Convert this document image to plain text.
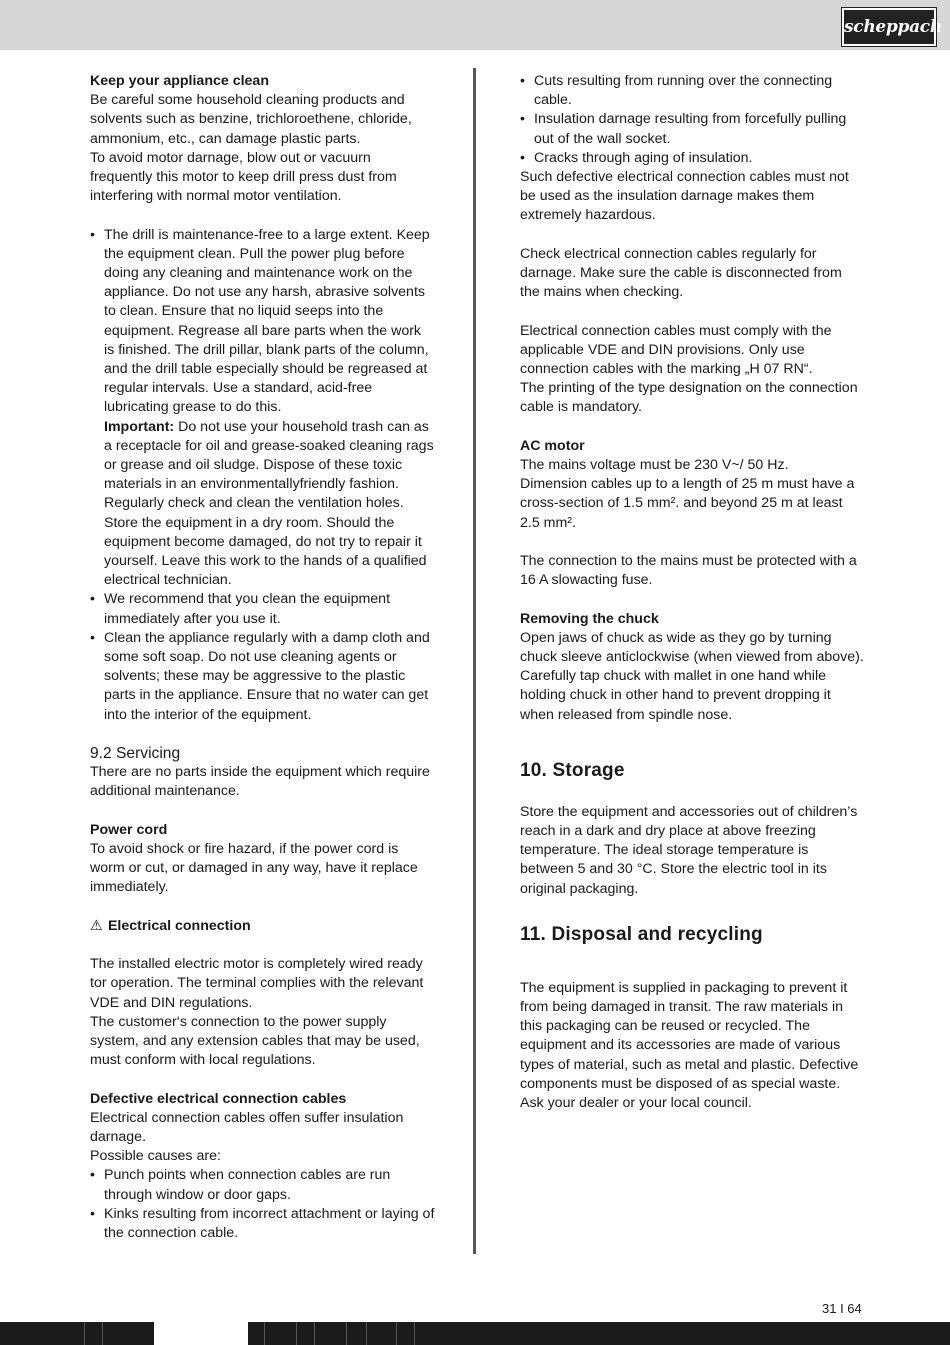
scheppach

Keep your appliance clean

Be careful some household cleaning products and solvents such as benzine, trichloroethene, chloride, ammonium, etc., can damage plastic parts.

To avoid motor darnage, blow out or vacuurn frequently this motor to keep drill press dust from interfering with normal motor ventilation.

• The drill is maintenance-free to a large extent. Keep the equipment clean. Pull the power plug before doing any cleaning and maintenance work on the appliance. Do not use any harsh, abrasive solvents to clean. Ensure that no liquid seeps into the equipment. Regrease all bare parts when the work is finished. The drill pillar, blank parts of the column, and the drill table especially should be regreased at regular intervals. Use a standard, acid-free lubricating grease to do this.
Important: Do not use your household trash can as a receptacle for oil and grease-soaked cleaning rags or grease and oil sludge. Dispose of these toxic materials in an environmentallyfriendly fashion. Regularly check and clean the ventilation holes. Store the equipment in a dry room. Should the equipment become damaged, do not try to repair it yourself. Leave this work to the hands of a qualified electrical technician.
• We recommend that you clean the equipment immediately after you use it.
• Clean the appliance regularly with a damp cloth and some soft soap. Do not use cleaning agents or solvents; these may be aggressive to the plastic parts in the appliance. Ensure that no water can get into the interior of the equipment.

9.2 Servicing

There are no parts inside the equipment which require additional maintenance.

Power cord

To avoid shock or fire hazard, if the power cord is worm or cut, or damaged in any way, have it replace immediately.

⚠ Electrical connection

The installed electric motor is completely wired ready tor operation. The terminal complies with the relevant VDE and DIN regulations.

The customer‘s connection to the power supply system, and any extension cables that may be used, must conform with local regulations.

Defective electrical connection cables

Electrical connection cables offen suffer insulation darnage.

Possible causes are:

• Punch points when connection cables are run through window or door gaps.
• Kinks resulting from incorrect attachment or laying of the connection cable.
• Cuts resulting from running over the connecting cable.
• Insulation darnage resulting from forcefully pulling out of the wall socket.
• Cracks through aging of insulation.

Such defective electrical connection cables must not be used as the insulation darnage makes them extremely hazardous.

Check electrical connection cables regularly for darnage. Make sure the cable is disconnected from the mains when checking.

Electrical connection cables must comply with the applicable VDE and DIN provisions. Only use connection cables with the marking „H 07 RN“.

The printing of the type designation on the connection cable is mandatory.

AC motor

The mains voltage must be 230 V~/ 50 Hz.

Dimension cables up to a length of 25 m must have a cross-section of 1.5 mm². and beyond 25 m at least 2.5 mm².

The connection to the mains must be protected with a 16 A slowacting fuse.

Removing the chuck

Open jaws of chuck as wide as they go by turning chuck sleeve anticlockwise (when viewed from above). Carefully tap chuck with mallet in one hand while holding chuck in other hand to prevent dropping it when released from spindle nose.

10. Storage

Store the equipment and accessories out of children’s reach in a dark and dry place at above freezing temperature. The ideal storage temperature is between 5 and 30 °C. Store the electric tool in its original packaging.

11. Disposal and recycling

The equipment is supplied in packaging to prevent it from being damaged in transit. The raw materials in this packaging can be reused or recycled. The equipment and its accessories are made of various types of material, such as metal and plastic. Defective components must be disposed of as special waste. Ask your dealer or your local council.

31 I 64
